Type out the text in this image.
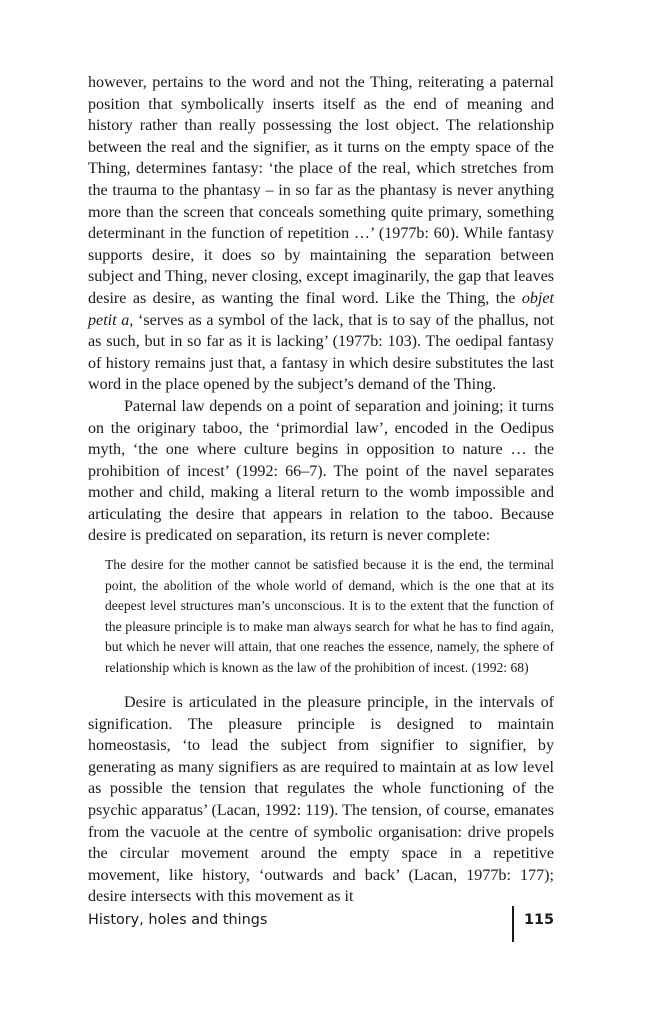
however, pertains to the word and not the Thing, reiterating a paternal position that symbolically inserts itself as the end of meaning and history rather than really possessing the lost object. The relationship between the real and the signifier, as it turns on the empty space of the Thing, determines fantasy: ‘the place of the real, which stretches from the trauma to the phantasy – in so far as the phantasy is never anything more than the screen that conceals something quite primary, something determinant in the function of repetition …’ (1977b: 60). While fantasy supports desire, it does so by maintaining the separation between subject and Thing, never closing, except imaginarily, the gap that leaves desire as desire, as wanting the final word. Like the Thing, the objet petit a, ‘serves as a symbol of the lack, that is to say of the phallus, not as such, but in so far as it is lacking’ (1977b: 103). The oedipal fantasy of history remains just that, a fantasy in which desire substitutes the last word in the place opened by the subject’s demand of the Thing.

Paternal law depends on a point of separation and joining; it turns on the originary taboo, the ‘primordial law’, encoded in the Oedipus myth, ‘the one where culture begins in opposition to nature … the prohibition of incest’ (1992: 66–7). The point of the navel separates mother and child, making a literal return to the womb impossible and articulating the desire that appears in relation to the taboo. Because desire is predicated on separation, its return is never complete:

The desire for the mother cannot be satisfied because it is the end, the terminal point, the abolition of the whole world of demand, which is the one that at its deepest level structures man’s unconscious. It is to the extent that the function of the pleasure principle is to make man always search for what he has to find again, but which he never will attain, that one reaches the essence, namely, the sphere of relationship which is known as the law of the prohibition of incest. (1992: 68)

Desire is articulated in the pleasure principle, in the intervals of signification. The pleasure principle is designed to maintain homeostasis, ‘to lead the subject from signifier to signifier, by generating as many signifiers as are required to maintain at as low level as possible the tension that regulates the whole functioning of the psychic apparatus’ (Lacan, 1992: 119). The tension, of course, emanates from the vacuole at the centre of symbolic organisation: drive propels the circular movement around the empty space in a repetitive movement, like history, ‘outwards and back’ (Lacan, 1977b: 177); desire intersects with this movement as it

History, holes and things	115
